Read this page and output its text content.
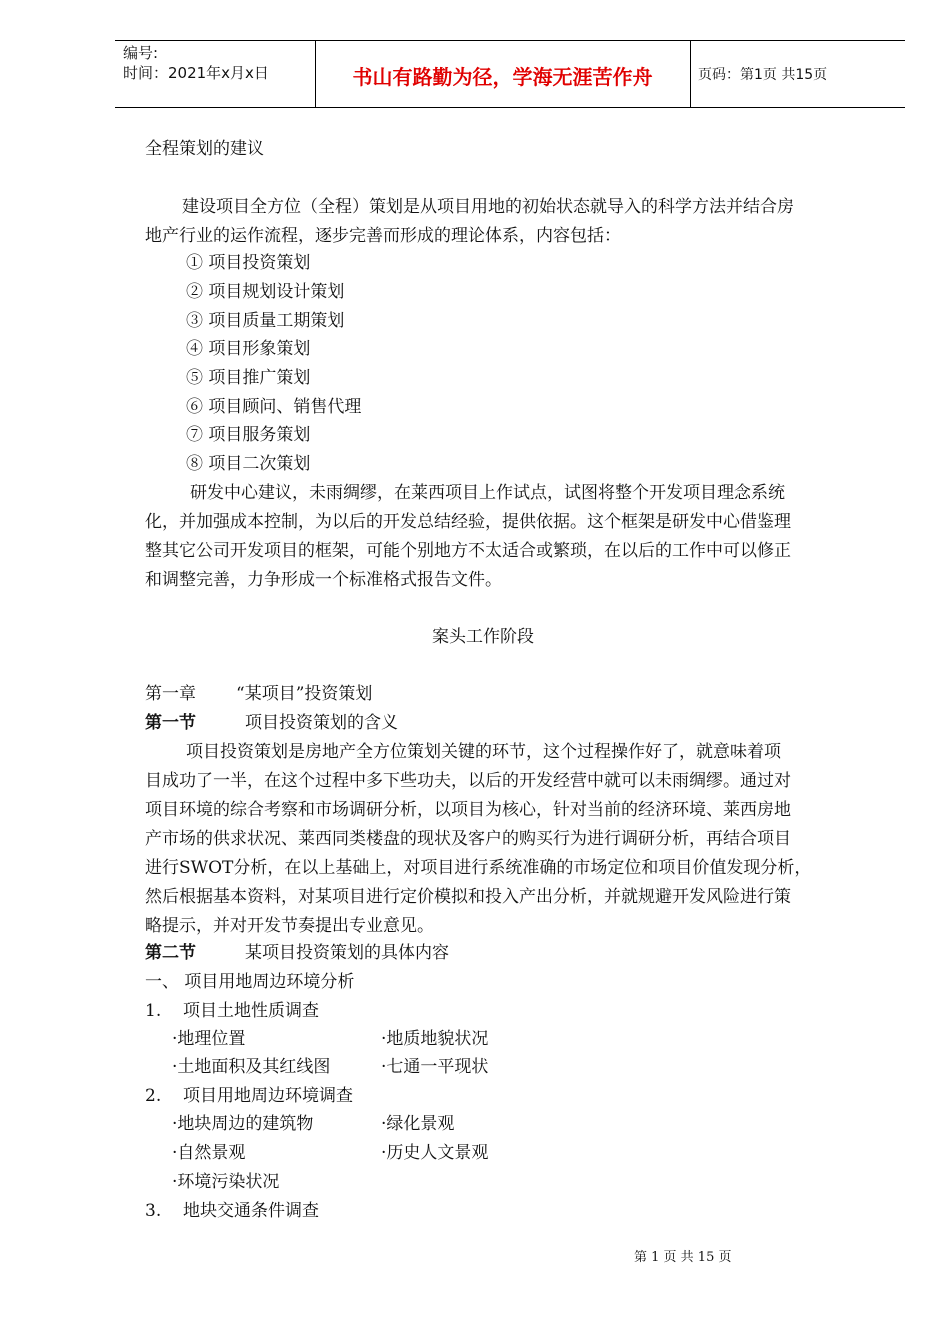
编号:
时间：2021年x月x日	书山有路勤为径，学海无涯苦作舟	页码：第1页 共15页
全程策划的建议
建设项目全方位（全程）策划是从项目用地的初始状态就导入的科学方法并结合房
地产行业的运作流程，逐步完善而形成的理论体系，内容包括：
① 项目投资策划
② 项目规划设计策划
③ 项目质量工期策划
④ 项目形象策划
⑤ 项目推广策划
⑥ 项目顾问、销售代理
⑦ 项目服务策划
⑧ 项目二次策划
研发中心建议，未雨绸缪，在莱西项目上作试点，试图将整个开发项目理念系统
化，并加强成本控制，为以后的开发总结经验，提供依据。这个框架是研发中心借鉴理
整其它公司开发项目的框架，可能个别地方不太适合或繁琐，在以后的工作中可以修正
和调整完善，力争形成一个标准格式报告文件。
案头工作阶段
第一章 “某项目”投资策划
第一节	项目投资策划的含义
项目投资策划是房地产全方位策划关键的环节，这个过程操作好了，就意味着项
目成功了一半，在这个过程中多下些功夫，以后的开发经营中就可以未雨绸缪。通过对
项目环境的综合考察和市场调研分析，以项目为核心，针对当前的经济环境、莱西房地
产市场的供求状况、莱西同类楼盘的现状及客户的购买行为进行调研分析，再结合项目
进行SWOT分析，在以上基础上，对项目进行系统准确的市场定位和项目价值发现分析，
然后根据基本资料，对某项目进行定价模拟和投入产出分析，并就规避开发风险进行策
略提示，并对开发节奏提出专业意见。
第二节	某项目投资策划的具体内容
一、 项目用地周边环境分析
1. 项目土地性质调查
·地理位置	·地质地貌状况
·土地面积及其红线图	·七通一平现状
2. 项目用地周边环境调查
·地块周边的建筑物	·绿化景观
·自然景观	·历史人文景观
·环境污染状况
3. 地块交通条件调查
第 1 页 共 15 页
